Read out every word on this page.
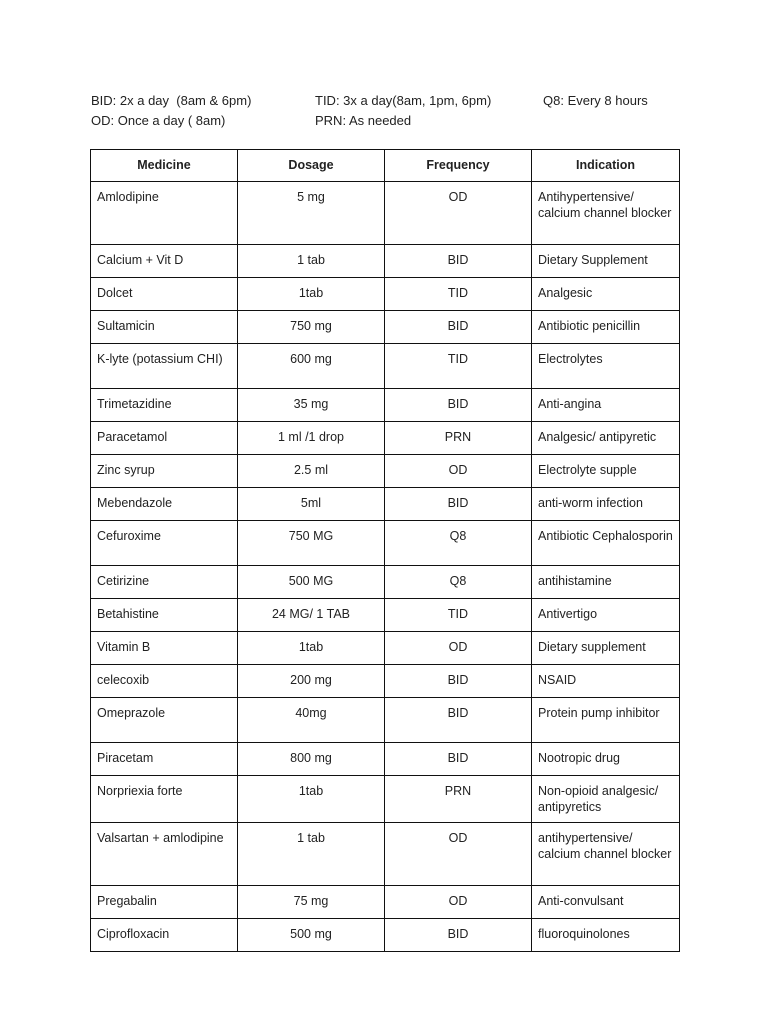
BID: 2x a day  (8am & 6pm)	TID: 3x a day(8am, 1pm, 6pm)	Q8: Every 8 hours
OD: Once a day ( 8am)	PRN: As needed
Medicine	Dosage	Frequency	Indication
Amlodipine	5 mg	OD	Antihypertensive/ calcium channel blocker
Calcium + Vit D	1 tab	BID	Dietary Supplement
Dolcet	1tab	TID	Analgesic
Sultamicin	750 mg	BID	Antibiotic penicillin
K-lyte (potassium CHI)	600 mg	TID	Electrolytes
Trimetazidine	35 mg	BID	Anti-angina
Paracetamol	1 ml /1 drop	PRN	Analgesic/ antipyretic
Zinc syrup	2.5 ml	OD	Electrolyte supple
Mebendazole	5ml	BID	anti-worm infection
Cefuroxime	750 MG	Q8	Antibiotic Cephalosporin
Cetirizine	500 MG	Q8	antihistamine
Betahistine	24 MG/ 1 TAB	TID	Antivertigo
Vitamin B	1tab	OD	Dietary supplement
celecoxib	200 mg	BID	NSAID
Omeprazole	40mg	BID	Protein pump inhibitor
Piracetam	800 mg	BID	Nootropic drug
Norpriexia forte	1tab	PRN	Non-opioid analgesic/ antipyretics
Valsartan + amlodipine	1 tab	OD	antihypertensive/ calcium channel blocker
Pregabalin	75 mg	OD	Anti-convulsant
Ciprofloxacin	500 mg	BID	fluoroquinolones
